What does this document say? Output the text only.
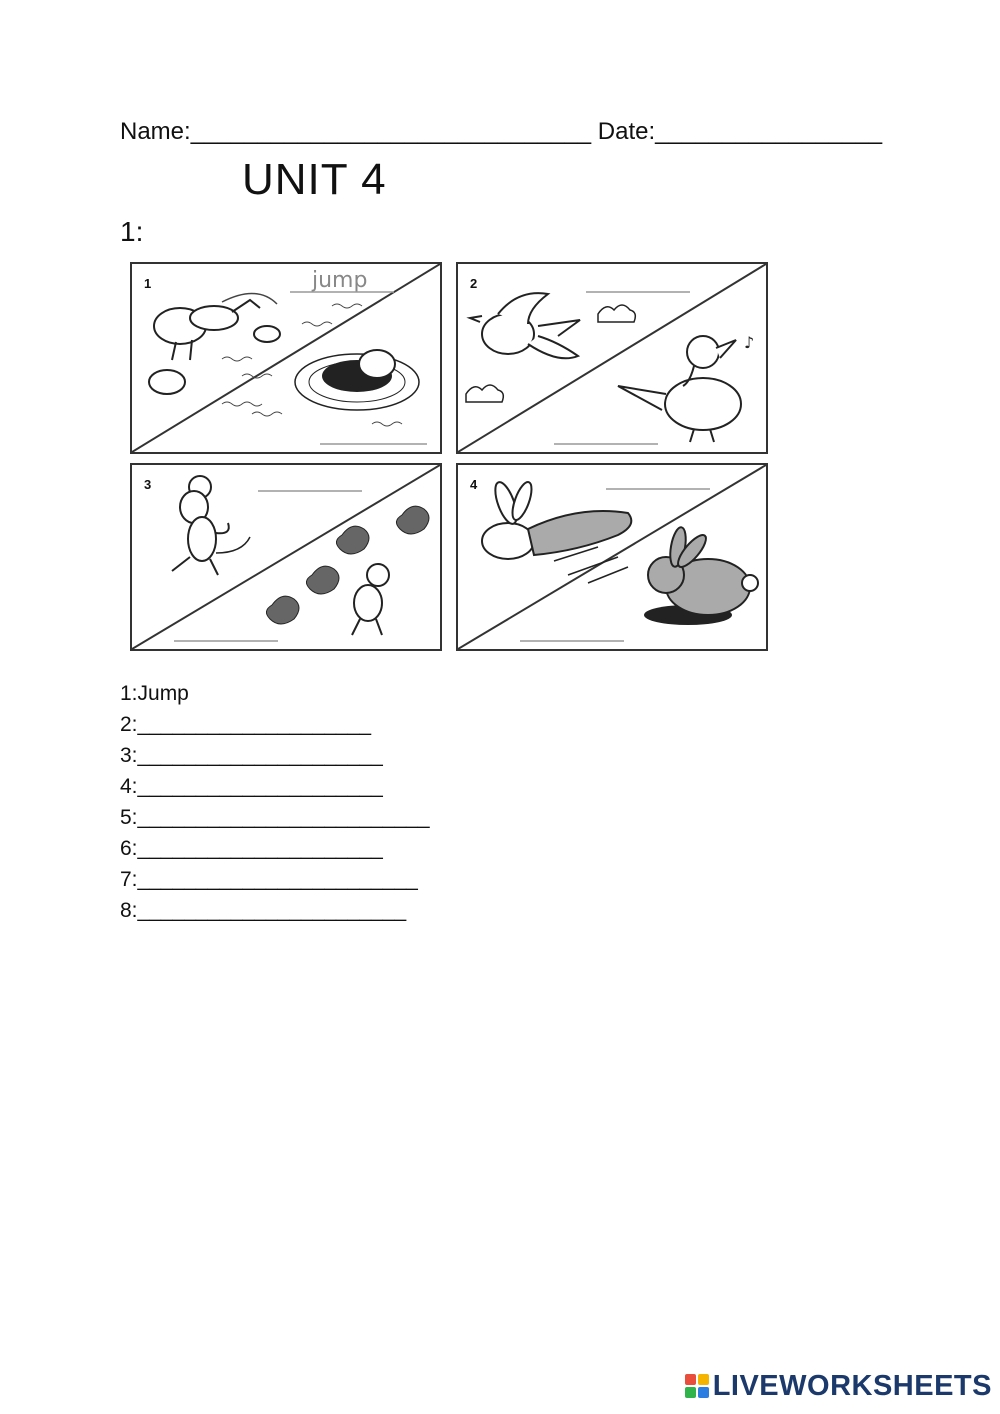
Name:______________________________ Date:_________________
UNIT 4
1:
1	jump	2
♪
3	4
1:Jump
2:____________________
3:_____________________
4:_____________________
5:_________________________
6:_____________________
7:________________________
8:_______________________
LIVEWORKSHEETS
